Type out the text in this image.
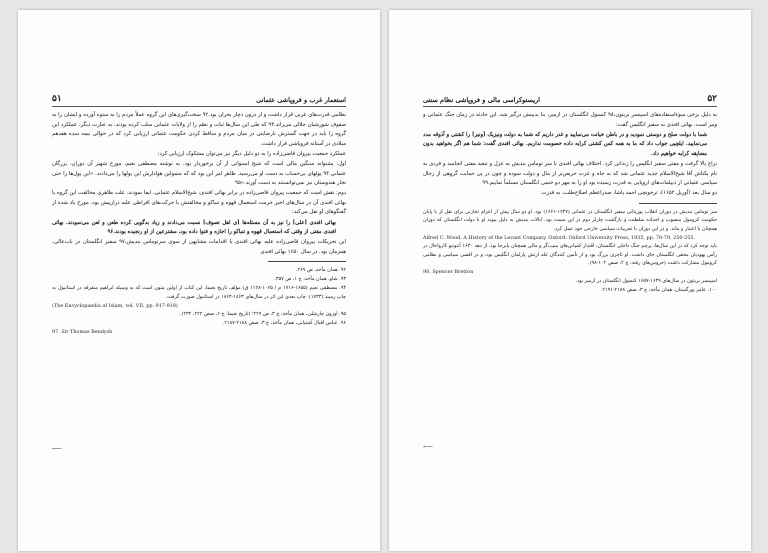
استعمار غرب و فروپاشی عثمانی
۵۱

نظامی قدرت‌های غربی قرار داشت و از درون دچار بحران بود.۹۲ سخت‌گیری‌های این گروه عملاً مردم را به ستوه آورده و ایشان را به صفوف شورشیان جلالی می‌راند.۹۳ که طی این سال‌ها ثبات و نظم را از ولایات عثمانی سلب کرده بودند. به عبارت دیگر، عملکرد این گروه را باید در جهت گسترش نارضایتی در میان مردم و ساقط کردن حکومت عثمانی ارزیابی کرد که در حوالی نیمه سده هفدهم میلادی در آستانه فروپاشی قرار داشت.

عملکرد جمعیت پیروان قاضی‌زاده را به دو دلیل دیگر نیز می‌توان مشکوک ارزیابی کرد:

اول: پشتوانه سنگین مالی است که شیخ استوانی از آن برخوردار بود. به نوشته مصطفی نعیم، مورخ شهیر آن دوران، بزرگان عثمانی.۹۴ پولهای بی‌حساب به دست او می‌رسید. ظاهر امر این بود که که متمولین هوادارش این پولها را می‌دادند. «این پول‌ها را حتی تجار هندوستان نیز نمی‌توانستند به دست آورند.»۹۵

دوم: نقش است که جمعیت پیروان قاضی‌زاده در برابر بهائی افندی، شیخ‌الاسلام عثمانی، ایفا نمودند. علت ظاهری مخالفت این گروه با بهائی افندی آن در سال‌های اخیر حرمت استعمال قهوه و تنباکو و مخالفتش با حرکت‌های افراطی علیه درازپیش بود. مورخ یاد شده از گفتگوهای او نقل می‌کند:

بهائی افندی [علی] را نیز به آن مسئله‌ها [ی اهل تصوف] نسبت می‌دادند و زیاد بدگویی کرده طعن و لعن می‌نمودند. بهائی افندی مفتی از وقتی که استعمال قهوه و تنباکو را اجازه و فتوا داده بود، مشترعین از او رنجیده بودند.۹۶

این تحریکات پیروان قاضی‌زاده علیه بهائی افندی با اقدامات مشابهی از سوی سرتوماس بندیش،۹۷ سفیر انگلستان در باب‌عالی، همزمان بود. در سال ۱۶۵۰ بهائی افندی

۹۲. همان مأخذ، ص ۲۶۹.

۹۳. شاو، همان مأخذ، ج ۱، ص ۳۵۷.

۹۴. مصطفی نعیم (۱۶۵۵-۱۷۱۶ م / ۱۰۶۵-۱۱۲۸ ق) مؤلف تاریخ نعیما، این کتاب از اولین متون است که به وسیله ابراهیم متفرقه در استانبول به چاپ رسید (۱۷۳۳). چاپ بعدی این اثر در سال‌های ۱۸۶۳-۱۸۶۴ در استانبول صورت گرفت.

(The Encyclopaedia of Islam, vol. VII, pp. 917-918)

۹۵. اوزون چارشلی، همان مأخذ، ج ۳، ص ۲۲۷؛ (تاریخ نعیما، ج ۶، صص ۲۲۲، ۲۳۲).

۹۶. عباس اقبال آشتیانی، همان مأخذ، ج ۳، صص ۲۱۸۸-۲۱۸۷.

97. Sir Thomas Bendysh

⟵
۵۲
اریستوکراسی مالی و فروپاشی نظام سنتی

به دلیل برخی سوءاستفاده‌های اسپنسر بریتون،۹۸ کنسول انگلستان در ازمیر، بنا بدبینش درگیر شد. این حادثه در زمان جنگ عثمانی و ونیز است. بهائی افندی به سفیر انگلیس گفت:

شما با دولت صلح و دوستی نمودید و در باطن خیانت می‌نمایید و غدر داریم که شما به دولت ونیزیک [ونیز] را کشتی و آذوقه مدد می‌نمایید. ایلچیی جواب داد که ما به همه کس کشتی کرایه داده خصومت نداریم. بهائی افندی گفت: شما هم اگر بخواهید بدون مضایقه کرایه خواهیم داد.

نزاع بالا گرفت و مفتی سفیر انگلیس را زندانی کرد. اختلاف بهائی افندی با سر توماس بندیش به عزل و تبعید مفتی انجامید و فردی به نام بکتاش آقا شیخ‌الاسلام جدید عثمانی شد که به جاه و عزت حریص‌تر از مال و دولت سوده و چون در پی حمایت گروهی از رجال سیاسی عثمانی از دیپلمات‌های اروپایی به قدرت رسیده بود او را به مهر دو ختمی انگلستان مسلماً نماییم.۹۹

دو سال بعد (آوریل ۱۶۵۲)، ترخونچی احمد پاشا، صدراعظم اصلاح‌طلب، به قدرت

سر توماس بندیش در دوران انقلاب پوریتانی سفیر انگلستان در عثمانی (۱۶۴۷-۱۶۶۱) بود. او دو سال پیش از اعزام تجارتی برای نقل از با پایان حکومت کرومول منصوب و اجداده سلطنت و بازگشت چارلز دوم در این سمت بود. ایالات بندیش به دلیل پیوند او با دولت انگلستان که دوران همچنان با اعتبار و ماند. و در این دوران با تجربیات سیاسی خارجی خود عمل کرد.

Alfred C. Wood, A History of the Levant Company, Oxford: Oxford University Press, 1935, pp. 78-79, 250-255.

باید توجه کرد که در این سال‌ها، پرچم جنگ داخلی انگلستان، اقتدار کمپانی‌های منیب‌گر و مالی همچنان پابرجا بود. از دهه ۱۶۳۰ آنتونیو کارواخال در رأس یهودیان مخفی انگلستان جای داشت. او تاجری بزرگ بود و از تأمین کنندگان غله ارتش پارلمان انگلیس بود، و در اقصی سیاسی و نظامی کرومول مشارکت داشت (خروس‌های رفته، ج ۲، صص ۱۰۲-۹۸).

98. Spencer Bretton

اسپنسر بریتون در سال‌های ۱۶۴۹-۱۶۵۷ کنسول انگلستان در ازمیر بود.

۱۰۰. عامر پورگستان، همان مأخذ، ج ۳، صص ۲۱۸۸-۲۱۹۱.

⟵
